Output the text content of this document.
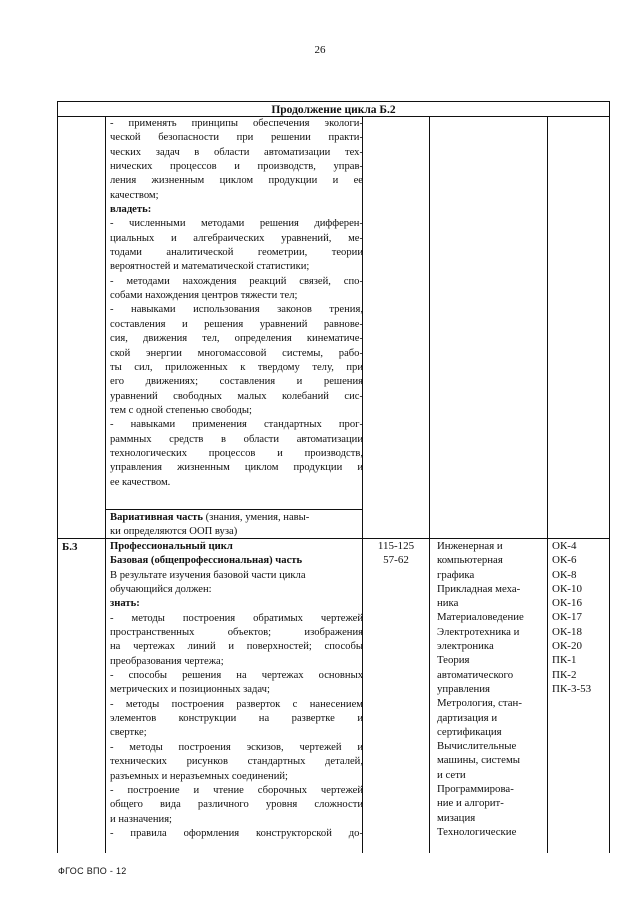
26
Продолжение цикла Б.2
- применять принципы обеспечения экологи-
ческой безопасности при решении практи-
ческих задач в области автоматизации тех-
нических процессов и производств, управ-
ления жизненным циклом продукции и ее
качеством;
владеть:
- численными методами решения дифферен-
циальных и алгебраических уравнений, ме-
тодами аналитической геометрии, теории
вероятностей и математической статистики;
- методами нахождения реакций связей, спо-
собами нахождения центров тяжести тел;
- навыками использования законов трения,
составления и решения уравнений равнове-
сия, движения тел, определения кинематиче-
ской энергии многомассовой системы, рабо-
ты сил, приложенных к твердому телу, при
его движениях; составления и решения
уравнений свободных малых колебаний сис-
тем с одной степенью свободы;
- навыками применения стандартных прог-
раммных средств в области автоматизации
технологических процессов и производств,
управления жизненным циклом продукции и
ее качеством.
Вариативная часть (знания, умения, навы-
ки определяются ООП вуза)
Б.3	Профессиональный цикл
Базовая (общепрофессиональная) часть
В результате изучения базовой части цикла
обучающийся должен:
знать:
- методы построения обратимых чертежей
пространственных объектов; изображения
на чертежах линий и поверхностей; способы
преобразования чертежа;
- способы решения на чертежах основных
метрических и позиционных задач;
- методы построения разверток с нанесением
элементов конструкции на развертке и
свертке;
- методы построения эскизов, чертежей и
технических рисунков стандартных деталей,
разъемных и неразъемных соединений;
- построение и чтение сборочных чертежей
общего вида различного уровня сложности
и назначения;
- правила оформления конструкторской до-
115-125
57-62
Инженерная и
компьютерная
графика
Прикладная меха-
ника
Материаловедение
Электротехника и
электроника
Теория
автоматического
управления
Метрология, стан-
дартизация и
сертификация
Вычислительные
машины, системы
и сети
Программирова-
ние и алгорит-
мизация
Технологические
ОК-4
ОК-6
ОК-8
ОК-10
ОК-16
ОК-17
ОК-18
ОК-20
ПК-1
ПК-2
ПК-3-53
ФГОС ВПО - 12
